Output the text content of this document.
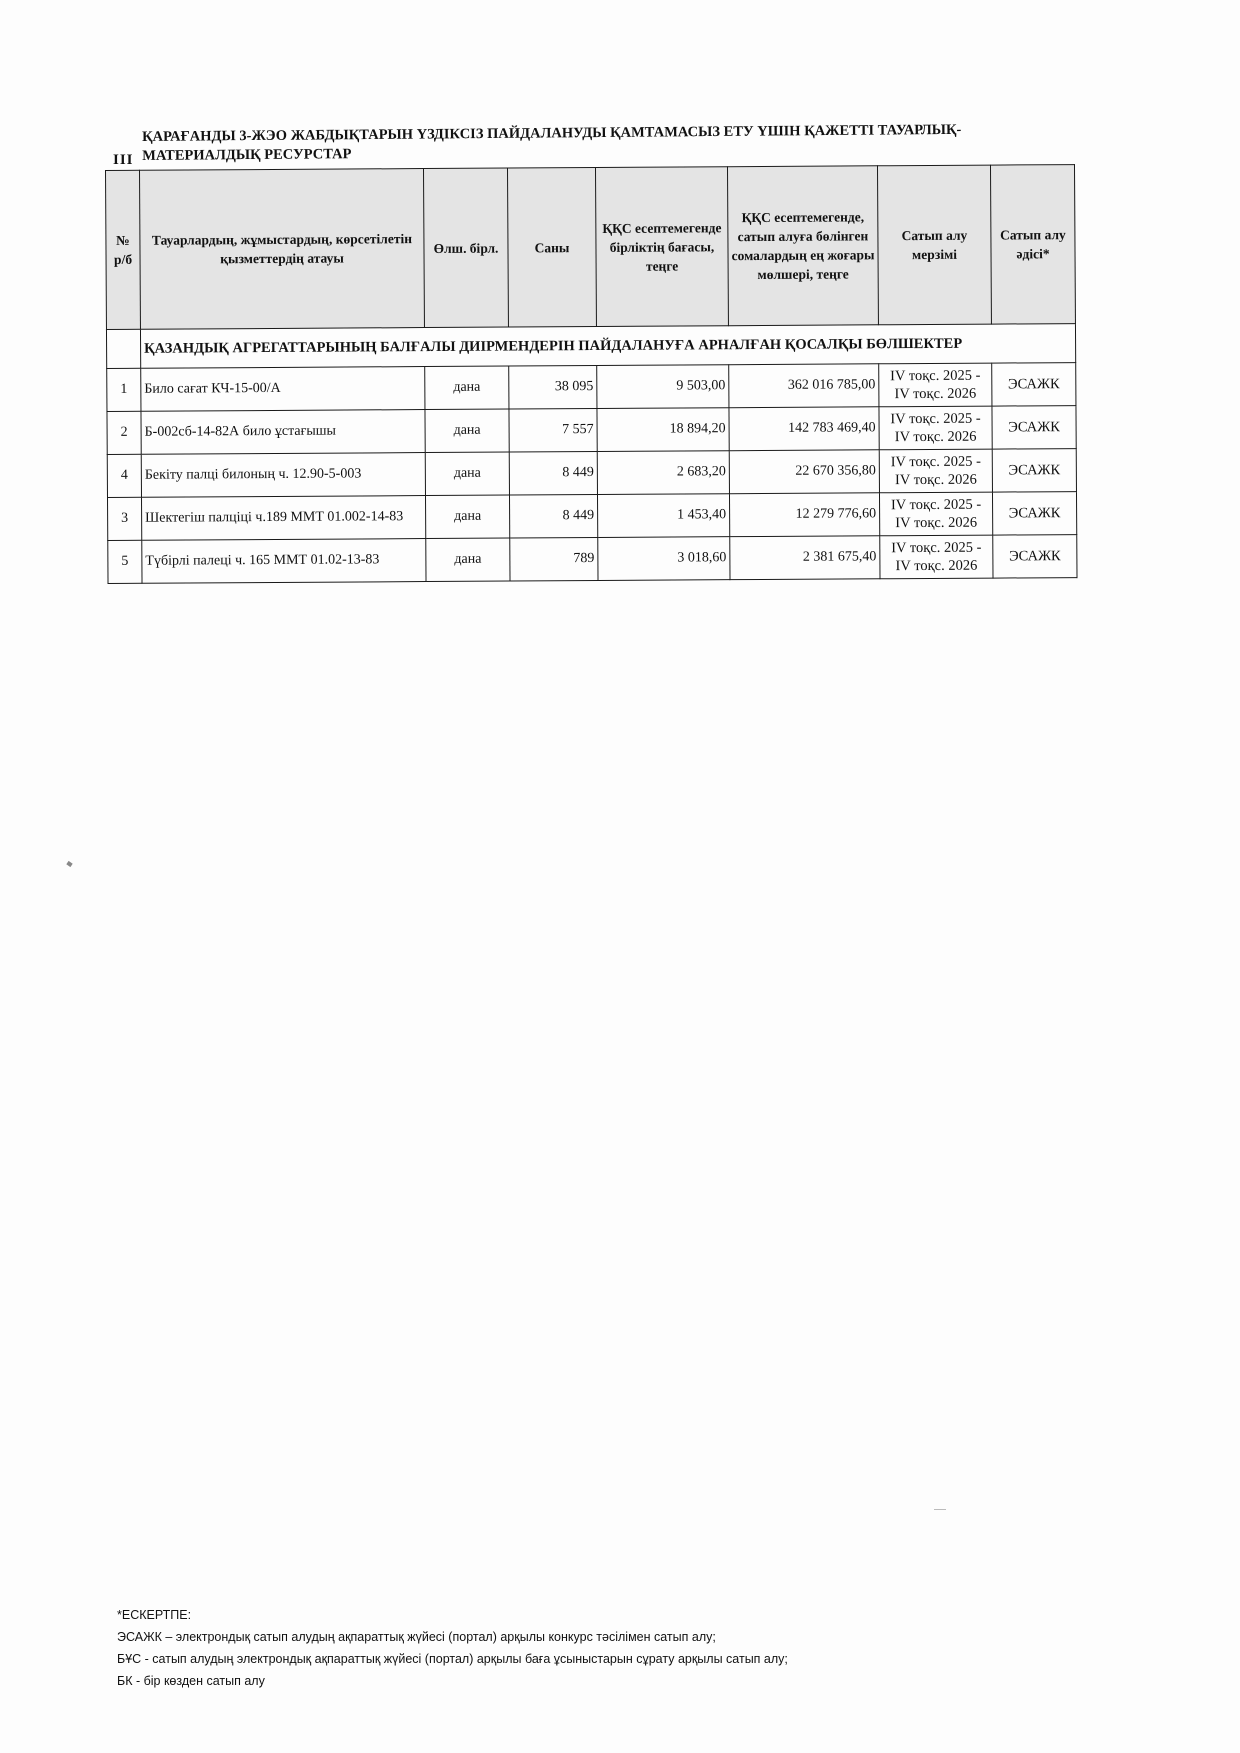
III
ҚАРАҒАНДЫ 3-ЖЭО ЖАБДЫҚТАРЫН ҮЗДІКСІЗ ПАЙДАЛАНУДЫ ҚАМТАМАСЫЗ ЕТУ ҮШІН ҚАЖЕТТІ ТАУАРЛЫҚ-МАТЕРИАЛДЫҚ РЕСУРСТАР
№ р/б	Тауарлардың, жұмыстардың, көрсетілетін қызметтердің атауы	Өлш. бірл.	Саны	ҚҚС есептемегенде бірліктің бағасы, теңге	ҚҚС есептемегенде, сатып алуға бөлінген сомалардың ең жоғары мөлшері, теңге	Сатып алу мерзімі	Сатып алу әдісі*
	ҚАЗАНДЫҚ АГРЕГАТТАРЫНЫҢ БАЛҒАЛЫ ДИІРМЕНДЕРІН ПАЙДАЛАНУҒА АРНАЛҒАН ҚОСАЛҚЫ БӨЛШЕКТЕР						
1	Било сағат КЧ-15-00/А	дана	38 095	9 503,00	362 016 785,00	IV тоқс. 2025 - IV тоқс. 2026	ЭСАЖК
2	Б-002сб-14-82А било ұстағышы	дана	7 557	18 894,20	142 783 469,40	IV тоқс. 2025 - IV тоқс. 2026	ЭСАЖК
4	Бекіту палці билоның ч. 12.90-5-003	дана	8 449	2 683,20	22 670 356,80	IV тоқс. 2025 - IV тоқс. 2026	ЭСАЖК
3	Шектегіш палціці ч.189 ММТ 01.002-14-83	дана	8 449	1 453,40	12 279 776,60	IV тоқс. 2025 - IV тоқс. 2026	ЭСАЖК
5	Түбірлі палеці ч. 165 ММТ 01.02-13-83	дана	789	3 018,60	2 381 675,40	IV тоқс. 2025 - IV тоқс. 2026	ЭСАЖК
*ЕСКЕРТПЕ:
ЭСАЖК – электрондық сатып алудың ақпараттық жүйесі (портал) арқылы конкурс тәсілімен сатып алу;
БҰС - сатып алудың электрондық ақпараттық жүйесі (портал) арқылы баға ұсыныстарын сұрату арқылы сатып алу;
БК - бір көзден сатып алу
